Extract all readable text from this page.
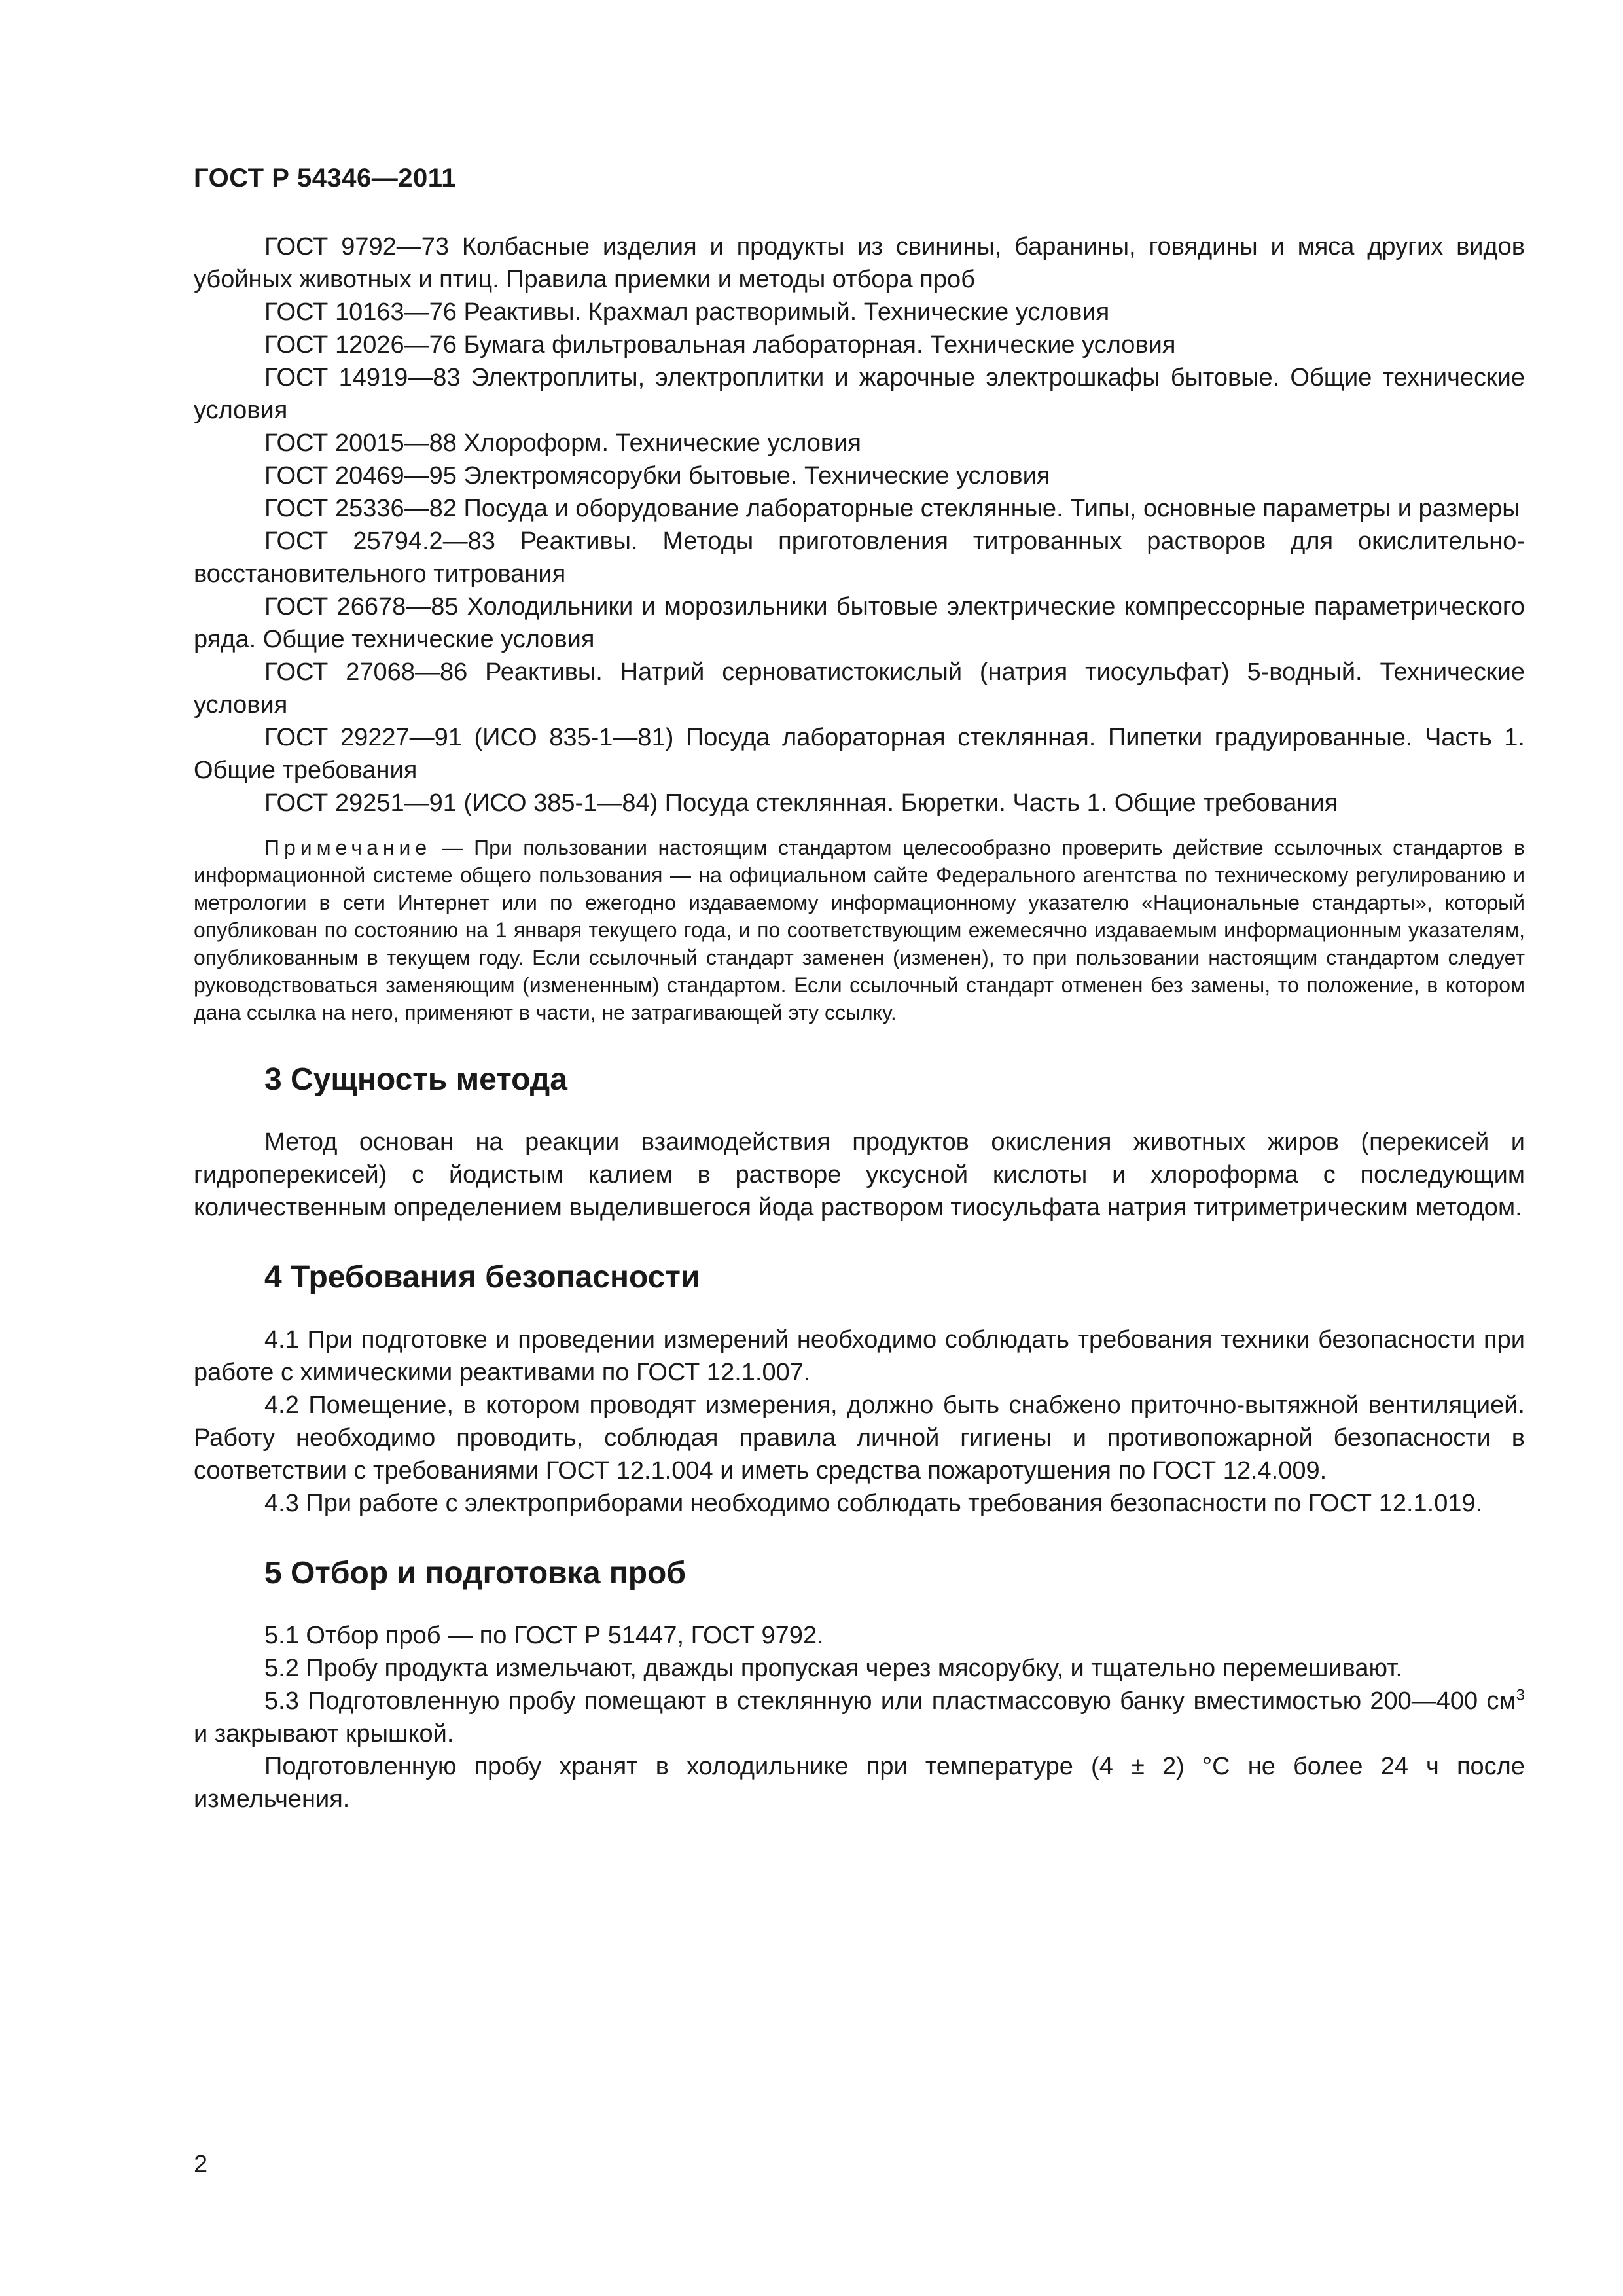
ГОСТ Р 54346—2011

ГОСТ 9792—73 Колбасные изделия и продукты из свинины, баранины, говядины и мяса других видов убойных животных и птиц. Правила приемки и методы отбора проб

ГОСТ 10163—76 Реактивы. Крахмал растворимый. Технические условия

ГОСТ 12026—76 Бумага фильтровальная лабораторная. Технические условия

ГОСТ 14919—83 Электроплиты, электроплитки и жарочные электрошкафы бытовые. Общие технические условия

ГОСТ 20015—88 Хлороформ. Технические условия

ГОСТ 20469—95 Электромясорубки бытовые. Технические условия

ГОСТ 25336—82 Посуда и оборудование лабораторные стеклянные. Типы, основные параметры и размеры

ГОСТ 25794.2—83 Реактивы. Методы приготовления титрованных растворов для окислительно-восстановительного титрования

ГОСТ 26678—85 Холодильники и морозильники бытовые электрические компрессорные параметрического ряда. Общие технические условия

ГОСТ 27068—86 Реактивы. Натрий серноватистокислый (натрия тиосульфат) 5-водный. Технические условия

ГОСТ 29227—91 (ИСО 835-1—81) Посуда лабораторная стеклянная. Пипетки градуированные. Часть 1. Общие требования

ГОСТ 29251—91 (ИСО 385-1—84) Посуда стеклянная. Бюретки. Часть 1. Общие требования

Примечание — При пользовании настоящим стандартом целесообразно проверить действие ссылочных стандартов в информационной системе общего пользования — на официальном сайте Федерального агентства по техническому регулированию и метрологии в сети Интернет или по ежегодно издаваемому информационному указателю «Национальные стандарты», который опубликован по состоянию на 1 января текущего года, и по соответствующим ежемесячно издаваемым информационным указателям, опубликованным в текущем году. Если ссылочный стандарт заменен (изменен), то при пользовании настоящим стандартом следует руководствоваться заменяющим (измененным) стандартом. Если ссылочный стандарт отменен без замены, то положение, в котором дана ссылка на него, применяют в части, не затрагивающей эту ссылку.

3 Сущность метода

Метод основан на реакции взаимодействия продуктов окисления животных жиров (перекисей и гидроперекисей) с йодистым калием в растворе уксусной кислоты и хлороформа с последующим количественным определением выделившегося йода раствором тиосульфата натрия титриметрическим методом.

4 Требования безопасности

4.1 При подготовке и проведении измерений необходимо соблюдать требования техники безопасности при работе с химическими реактивами по ГОСТ 12.1.007.

4.2 Помещение, в котором проводят измерения, должно быть снабжено приточно-вытяжной вентиляцией. Работу необходимо проводить, соблюдая правила личной гигиены и противопожарной безопасности в соответствии с требованиями ГОСТ 12.1.004 и иметь средства пожаротушения по ГОСТ 12.4.009.

4.3 При работе с электроприборами необходимо соблюдать требования безопасности по ГОСТ 12.1.019.

5 Отбор и подготовка проб

5.1 Отбор проб — по ГОСТ Р 51447, ГОСТ 9792.

5.2 Пробу продукта измельчают, дважды пропуская через мясорубку, и тщательно перемешивают.

5.3 Подготовленную пробу помещают в стеклянную или пластмассовую банку вместимостью 200—400 $см^3$ и закрывают крышкой.

Подготовленную пробу хранят в холодильнике при температуре (4 ± 2) °С не более 24 ч после измельчения.

2
